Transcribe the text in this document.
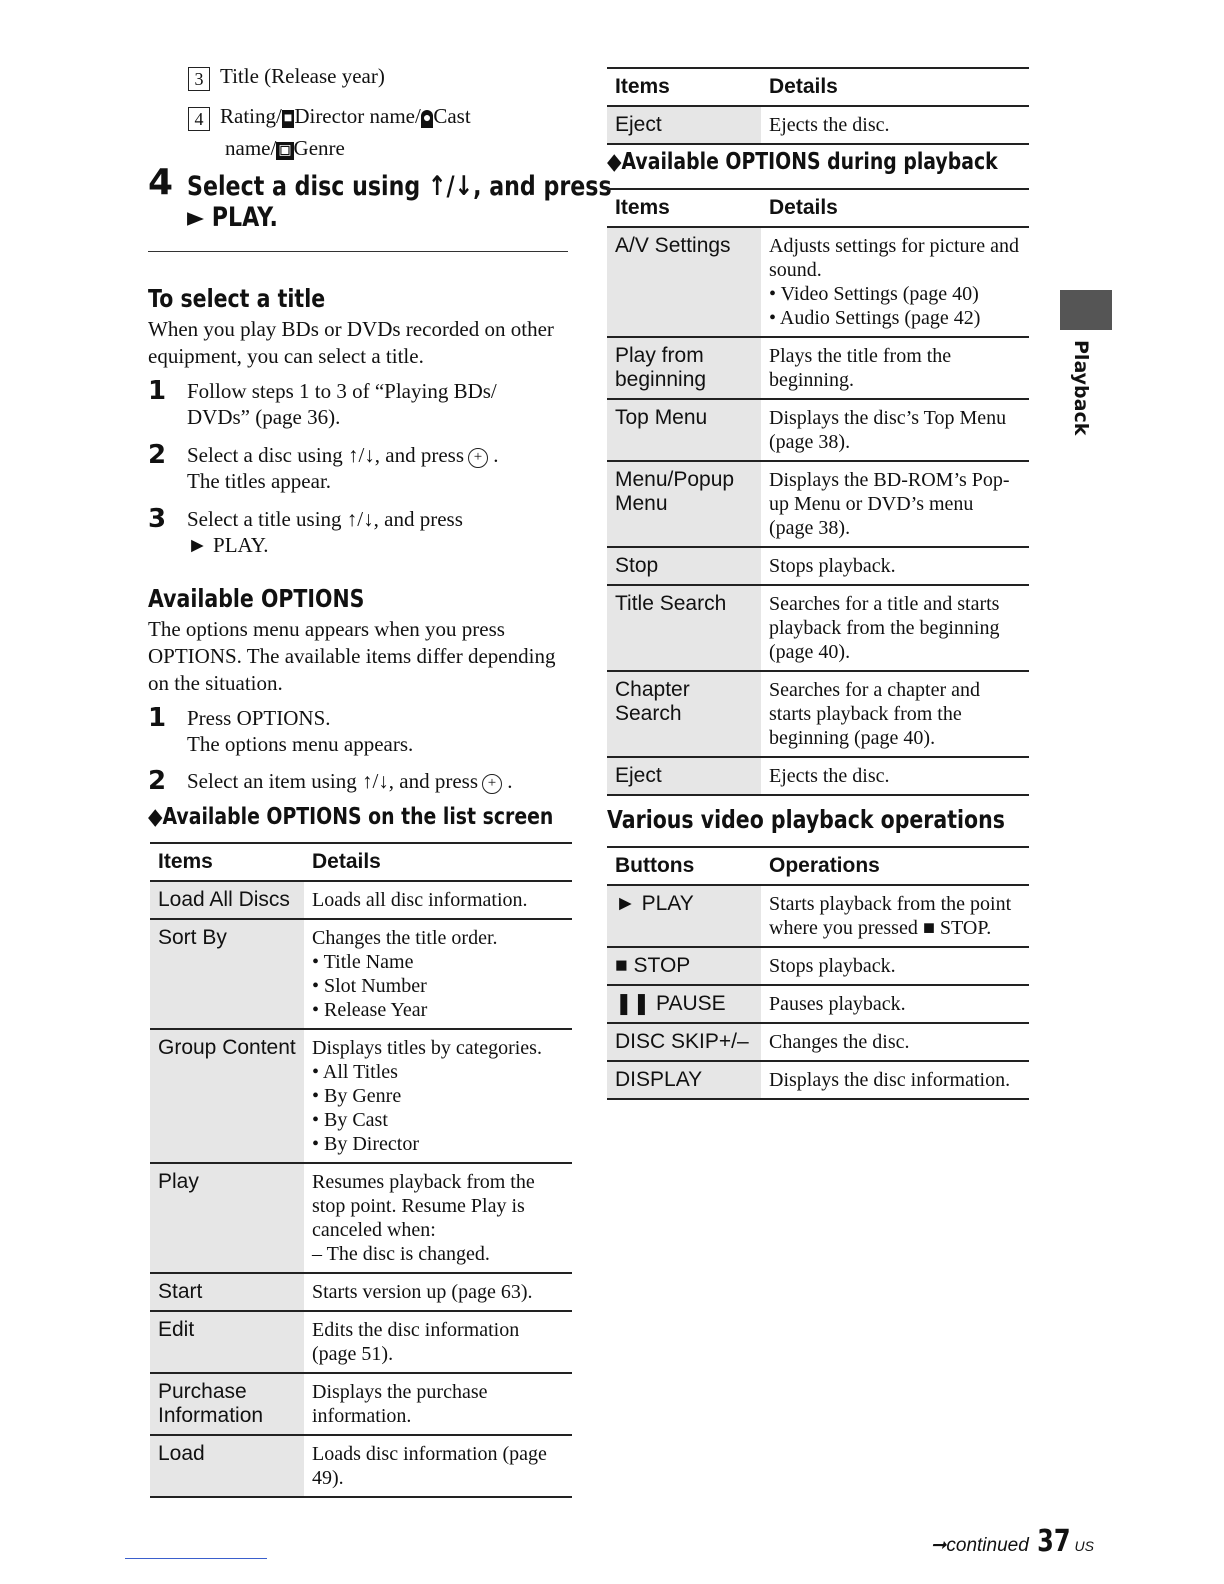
3 Title (Release year)
4 Rating/ ■Director name/ ●Cast
name/ ▣Genre
4 Select a disc using ↑/↓, and press
► PLAY.
To select a title
When you play BDs or DVDs recorded on other equipment, you can select a title.
1 Follow steps 1 to 3 of “Playing BDs/
DVDs” (page 36).
2 Select a disc using ↑/↓, and press + .
The titles appear.
3 Select a title using ↑/↓, and press
► PLAY.
Available OPTIONS
The options menu appears when you press OPTIONS. The available items differ depending on the situation.
1 Press OPTIONS.
The options menu appears.
2 Select an item using ↑/↓, and press + .
◆Available OPTIONS on the list screen
Items	Details
Load All Discs	Loads all disc information.

Sort By	Changes the title order.
• Title Name
• Slot Number
• Release Year

Group Content	Displays titles by categories.
• All Titles
• By Genre
• By Cast
• By Director

Play	Resumes playback from the stop point. Resume Play is canceled when:
– The disc is changed.

Start	Starts version up (page 63).

Edit	Edits the disc information (page 51).

Purchase Information	Displays the purchase information.

Load	Loads disc information (page 49).
Items	Details
Eject	Ejects the disc.
◆Available OPTIONS during playback
Items	Details
A/V Settings	Adjusts settings for picture and sound.
• Video Settings (page 40)
• Audio Settings (page 42)

Play from beginning	Plays the title from the beginning.

Top Menu	Displays the disc’s Top Menu (page 38).

Menu/Popup Menu	Displays the BD-ROM’s Pop-up Menu or DVD’s menu (page 38).

Stop	Stops playback.

Title Search	Searches for a title and starts playback from the beginning (page 40).

Chapter Search	Searches for a chapter and starts playback from the beginning (page 40).

Eject	Ejects the disc.
Various video playback operations
Buttons	Operations
► PLAY	Starts playback from the point where you pressed ■ STOP.

■ STOP	Stops playback.

❚❚ PAUSE	Pauses playback.

DISC SKIP+/–	Changes the disc.

DISPLAY	Displays the disc information.
Playback
➞continued 37 US
